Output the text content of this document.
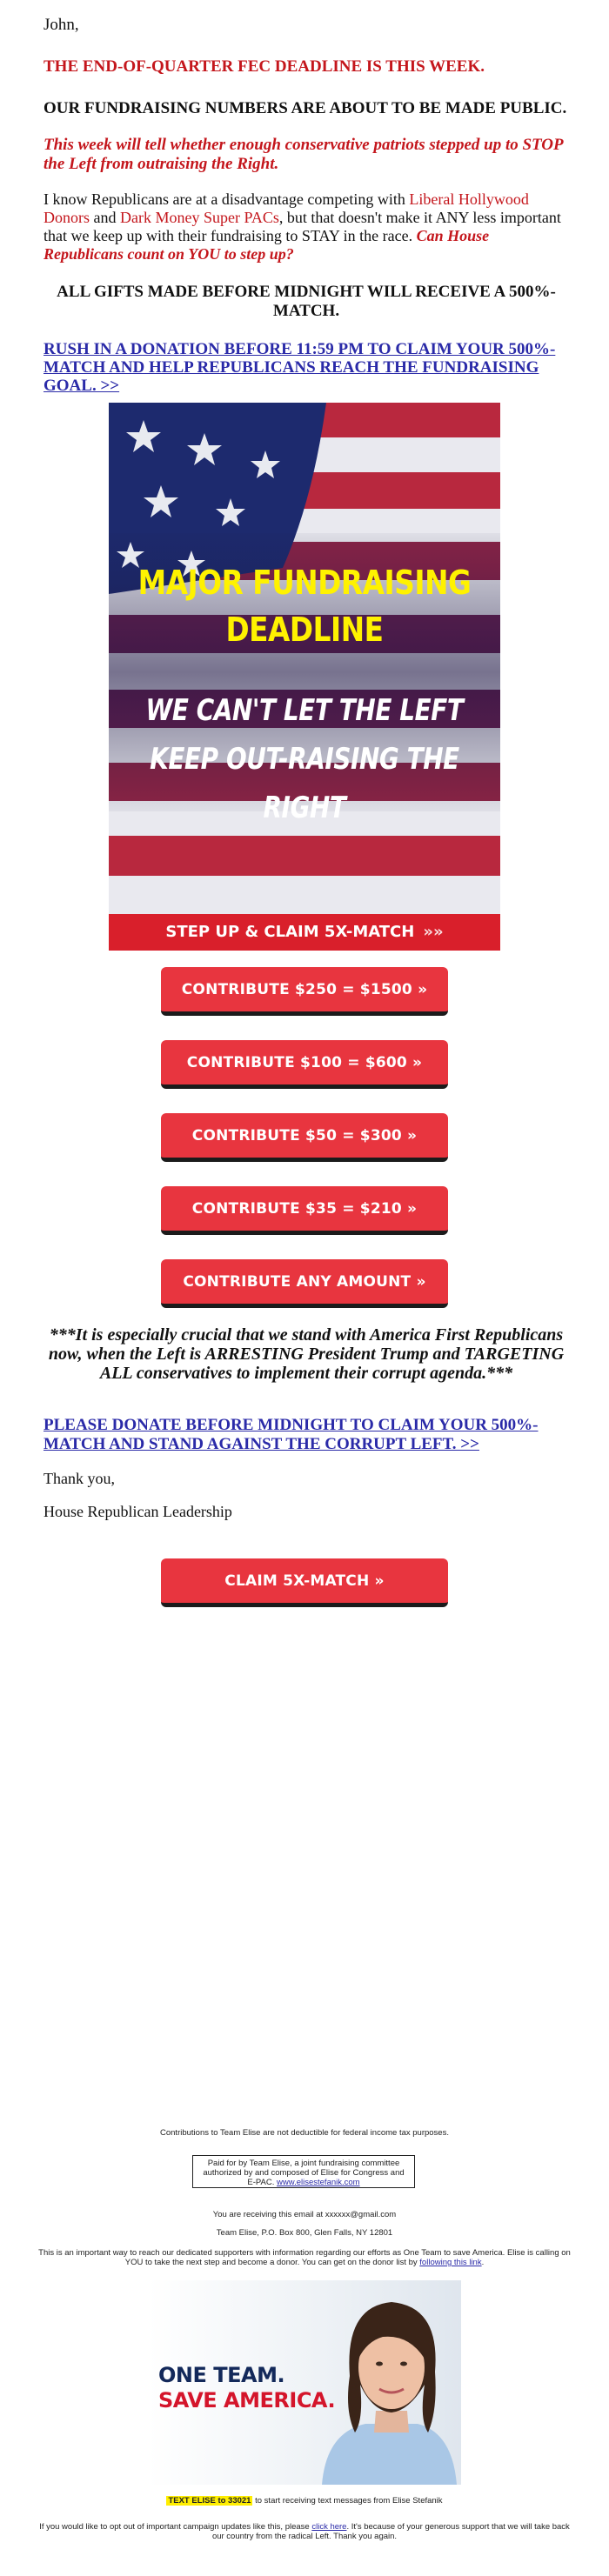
John,

THE END-OF-QUARTER FEC DEADLINE IS THIS WEEK.

OUR FUNDRAISING NUMBERS ARE ABOUT TO BE MADE PUBLIC.

This week will tell whether enough conservative patriots stepped up to STOP the Left from outraising the Right.

I know Republicans are at a disadvantage competing with Liberal Hollywood Donors and Dark Money Super PACs, but that doesn't make it ANY less important that we keep up with their fundraising to STAY in the race. Can House Republicans count on YOU to step up?

ALL GIFTS MADE BEFORE MIDNIGHT WILL RECEIVE A 500%-MATCH.

RUSH IN A DONATION BEFORE 11:59 PM TO CLAIM YOUR 500%-MATCH AND HELP REPUBLICANS REACH THE FUNDRAISING GOAL. >>
MAJOR FUNDRAISING DEADLINE
WE CAN'T LET THE LEFT KEEP OUT-RAISING THE RIGHT
STEP UP & CLAIM 5X-MATCH »»
CONTRIBUTE $250 = $1500 »
CONTRIBUTE $100 = $600 »
CONTRIBUTE $50 = $300 »
CONTRIBUTE $35 = $210 »
CONTRIBUTE ANY AMOUNT »

***It is especially crucial that we stand with America First Republicans now, when the Left is ARRESTING President Trump and TARGETING ALL conservatives to implement their corrupt agenda.***

PLEASE DONATE BEFORE MIDNIGHT TO CLAIM YOUR 500%-MATCH AND STAND AGAINST THE CORRUPT LEFT. >>

Thank you,

House Republican Leadership

CLAIM 5X-MATCH »
Contributions to Team Elise are not deductible for federal income tax purposes.
Paid for by Team Elise, a joint fundraising committee authorized by and composed of Elise for Congress and E-PAC. www.elisestefanik.com
You are receiving this email at xxxxxx@gmail.com
Team Elise, P.O. Box 800, Glen Falls, NY 12801
This is an important way to reach our dedicated supporters with information regarding our efforts as One Team to save America. Elise is calling on YOU to take the next step and become a donor. You can get on the donor list by following this link.
ONE TEAM.
SAVE AMERICA.
TEXT ELISE to 33021 to start receiving text messages from Elise Stefanik
If you would like to opt out of important campaign updates like this, please click here. It's because of your generous support that we will take back our country from the radical Left. Thank you again.
